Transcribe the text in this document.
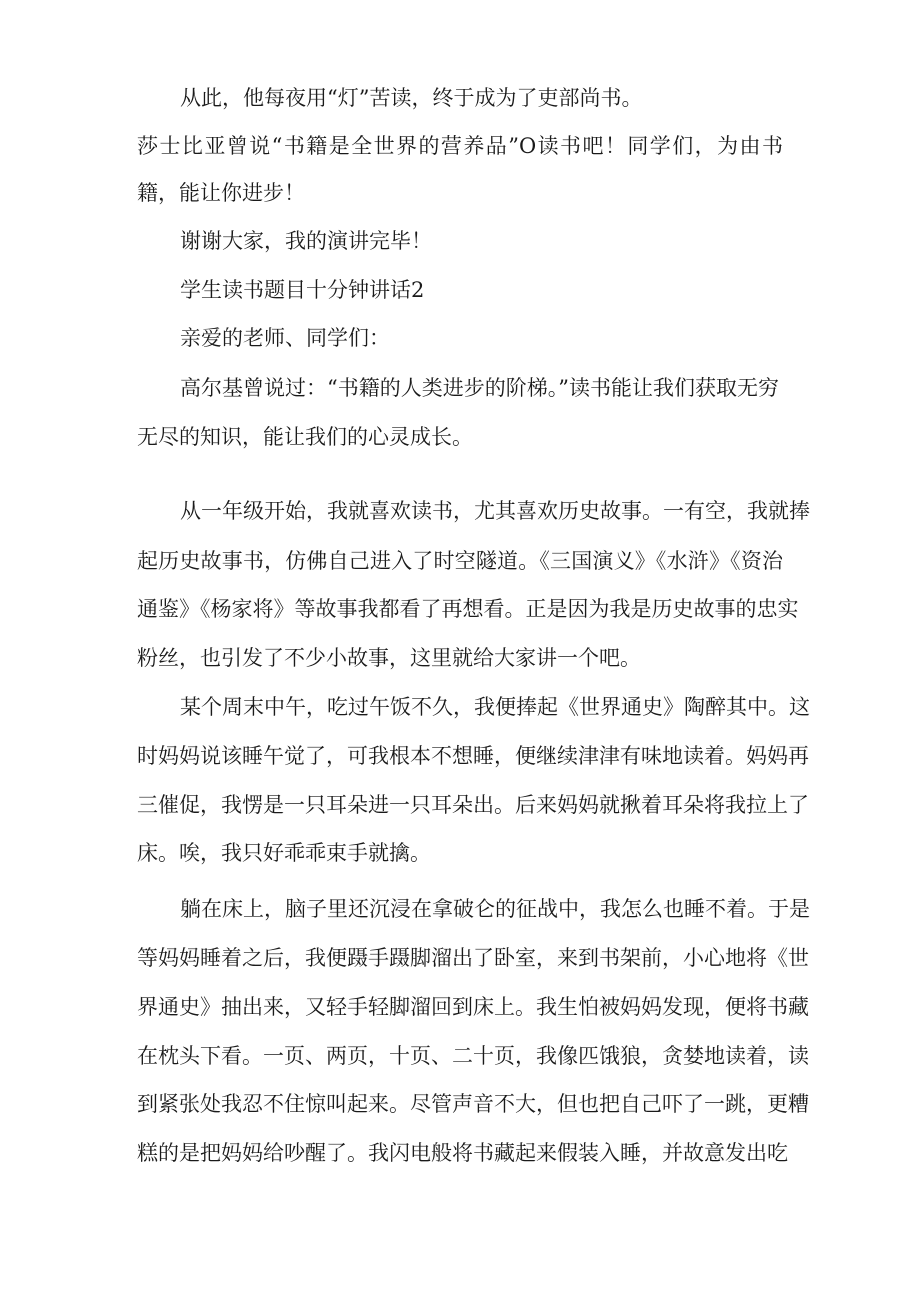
从此，他每夜用“灯”苦读，终于成为了吏部尚书。
莎士比亚曾说“书籍是全世界的营养品”O读书吧！同学们，为由书
籍，能让你进步！
谢谢大家，我的演讲完毕！
学生读书题目十分钟讲话2
亲爱的老师、同学们：
高尔基曾说过：“书籍的人类进步的阶梯。”读书能让我们获取无穷
无尽的知识，能让我们的心灵成长。
从一年级开始，我就喜欢读书，尤其喜欢历史故事。一有空，我就捧
起历史故事书，仿佛自己进入了时空隧道。《三国演义》《水浒》《资治
通鉴》《杨家将》等故事我都看了再想看。正是因为我是历史故事的忠实
粉丝，也引发了不少小故事，这里就给大家讲一个吧。
某个周末中午，吃过午饭不久，我便捧起《世界通史》陶醉其中。这
时妈妈说该睡午觉了，可我根本不想睡，便继续津津有味地读着。妈妈再
三催促，我愣是一只耳朵进一只耳朵出。后来妈妈就揪着耳朵将我拉上了
床。唉，我只好乖乖束手就擒。
躺在床上，脑子里还沉浸在拿破仑的征战中，我怎么也睡不着。于是
等妈妈睡着之后，我便蹑手蹑脚溜出了卧室，来到书架前，小心地将《世
界通史》抽出来，又轻手轻脚溜回到床上。我生怕被妈妈发现，便将书藏
在枕头下看。一页、两页，十页、二十页，我像匹饿狼，贪婪地读着，读
到紧张处我忍不住惊叫起来。尽管声音不大，但也把自己吓了一跳，更糟
糕的是把妈妈给吵醒了。我闪电般将书藏起来假装入睡，并故意发出吃
